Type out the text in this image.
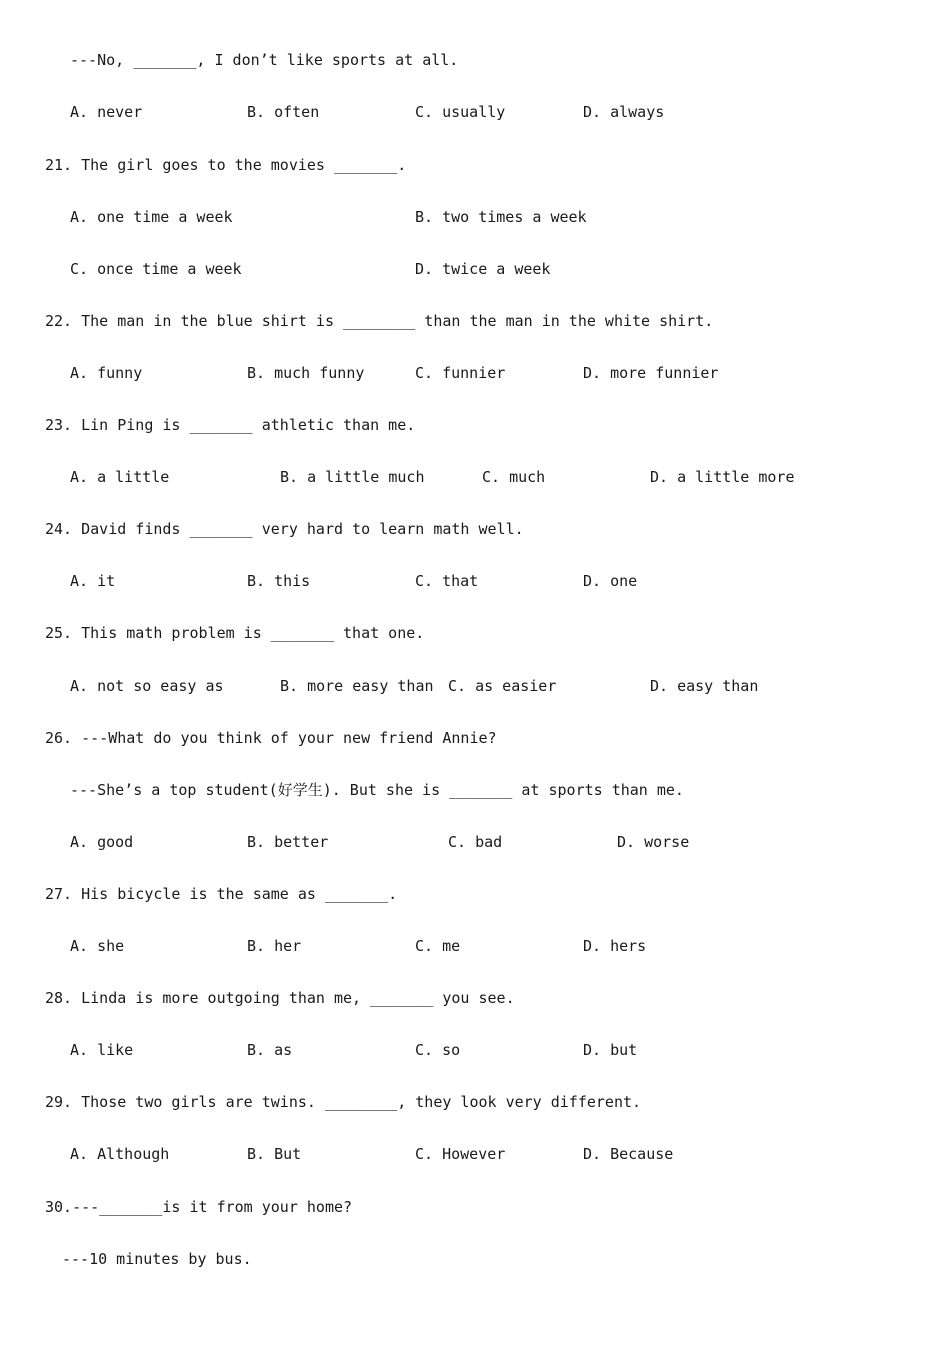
---No, _______, I don’t like sports at all.
A. never	B. often	C. usually	D. always
21. The girl goes to the movies _______.
A. one time a week	B. two times a week
C. once time a week	D. twice a week
22. The man in the blue shirt is ________ than the man in the white shirt.
A. funny	B. much funny	C. funnier	D. more funnier
23. Lin Ping is _______ athletic than me.
A. a little	B. a little much	C. much	D. a little more
24. David finds _______ very hard to learn math well.
A. it	B. this	C. that	D. one
25. This math problem is _______ that one.
A. not so easy as	B. more easy than C. as easier	D. easy than
26. ---What do you think of your new friend Annie?
---She’s a top student(好学生). But she is _______ at sports than me.
A. good	B. better	C. bad	D. worse
27. His bicycle is the same as _______.
A. she	B. her	C. me	D. hers
28. Linda is more outgoing than me, _______ you see.
A. like	B. as	C. so	D. but
29. Those two girls are twins. ________, they look very different.
A. Although	B. But	C. However	D. Because
30.---_______is it from your home?
---10 minutes by bus.
